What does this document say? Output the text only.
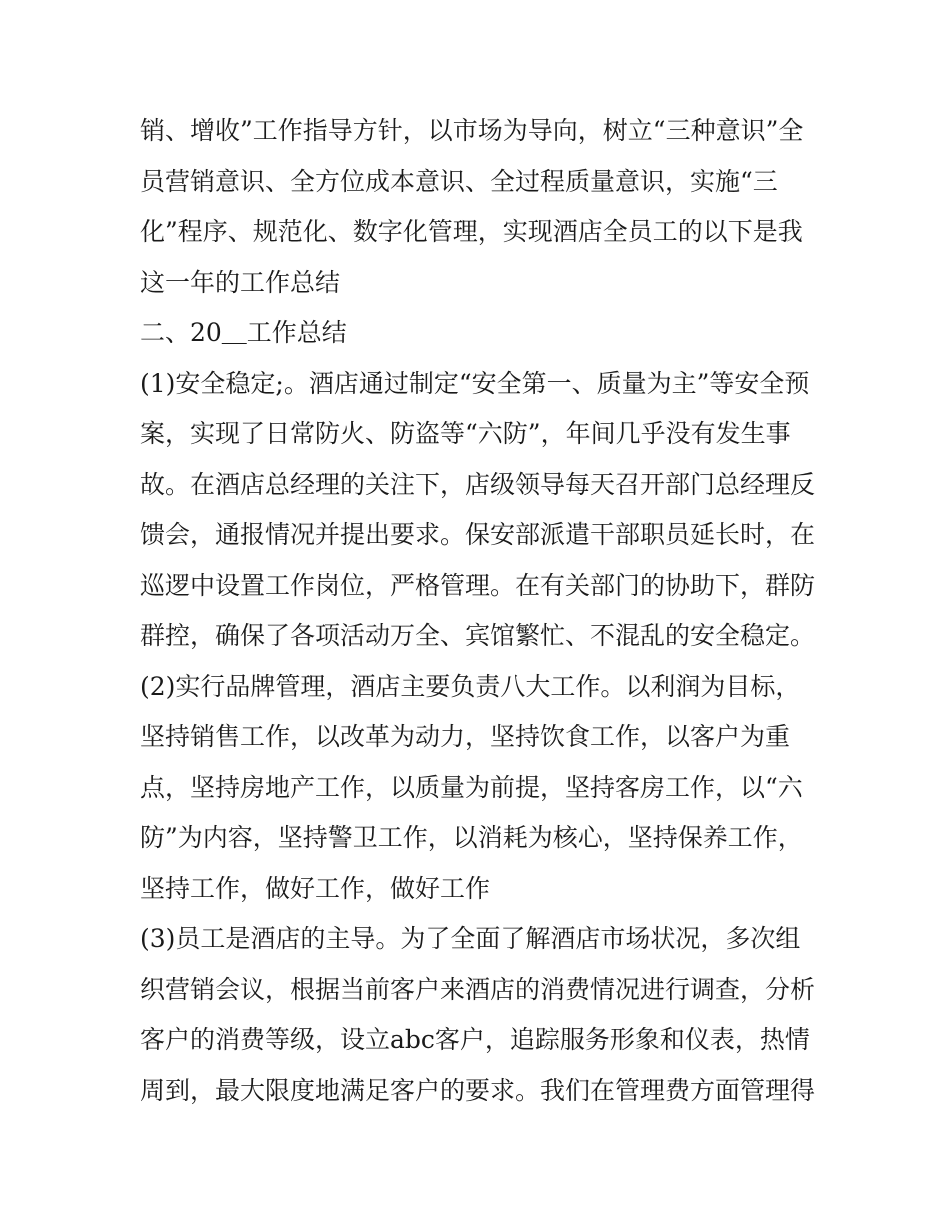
销、增收”工作指导方针，以市场为导向，树立“三种意识”全
员营销意识、全方位成本意识、全过程质量意识，实施“三
化”程序、规范化、数字化管理，实现酒店全员工的以下是我
这一年的工作总结
二、20＿工作总结
(1)安全稳定;。酒店通过制定“安全第一、质量为主”等安全预
案，实现了日常防火、防盗等“六防”，年间几乎没有发生事
故。在酒店总经理的关注下，店级领导每天召开部门总经理反
馈会，通报情况并提出要求。保安部派遣干部职员延长时，在
巡逻中设置工作岗位，严格管理。在有关部门的协助下，群防
群控，确保了各项活动万全、宾馆繁忙、不混乱的安全稳定。
(2)实行品牌管理，酒店主要负责八大工作。以利润为目标，
坚持销售工作，以改革为动力，坚持饮食工作，以客户为重
点，坚持房地产工作，以质量为前提，坚持客房工作，以“六
防”为内容，坚持警卫工作，以消耗为核心，坚持保养工作，
坚持工作，做好工作，做好工作
(3)员工是酒店的主导。为了全面了解酒店市场状况，多次组
织营销会议，根据当前客户来酒店的消费情况进行调查，分析
客户的消费等级，设立abc客户，追踪服务形象和仪表，热情
周到，最大限度地满足客户的要求。我们在管理费方面管理得
